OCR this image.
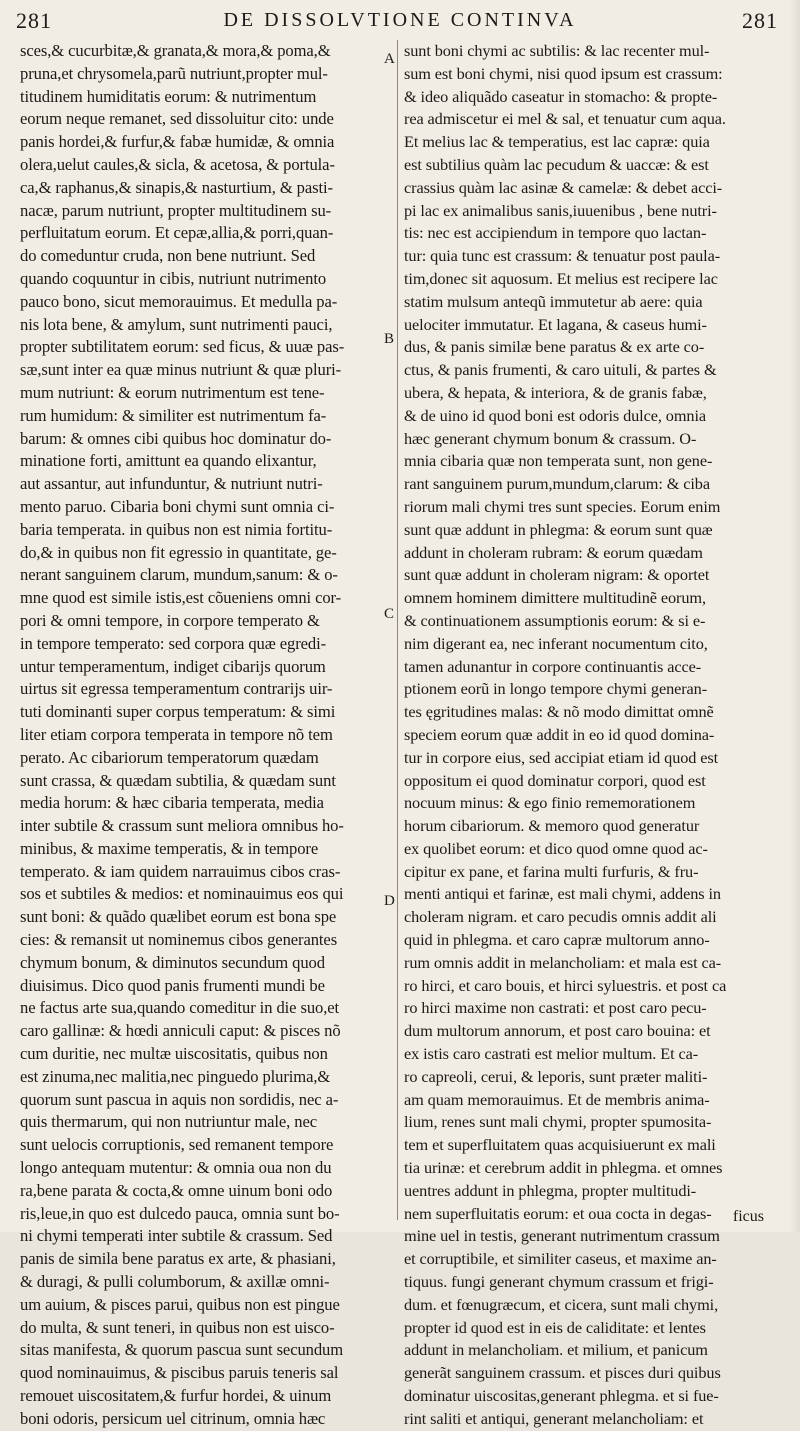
281	DE DISSOLVTIONE CONTINVA	281
sces,& cucurbitæ,& granata,& mora,& poma,&
pruna,et chrysomela,parũ nutriunt,propter mul-
titudinem humiditatis eorum: & nutrimentum
eorum neque remanet, sed dissoluitur cito: unde
panis hordei,& furfur,& fabæ humidæ, & omnia
olera,uelut caules,& sicla, & acetosa, & portula-
ca,& raphanus,& sinapis,& nasturtium, & pasti-
nacæ, parum nutriunt, propter multitudinem su-
perfluitatum eorum. Et cepæ,allia,& porri,quan-
do comeduntur cruda, non bene nutriunt. Sed
quando coquuntur in cibis, nutriunt nutrimento
pauco bono, sicut memorauimus. Et medulla pa-
nis lota bene, & amylum, sunt nutrimenti pauci,
propter subtilitatem eorum: sed ficus, & uuæ pas-
sæ,sunt inter ea quæ minus nutriunt & quæ pluri-
mum nutriunt: & eorum nutrimentum est tene-
rum humidum: & similiter est nutrimentum fa-
barum: & omnes cibi quibus hoc dominatur do-
minatione forti, amittunt ea quando elixantur,
aut assantur, aut infunduntur, & nutriunt nutri-
mento paruo. Cibaria boni chymi sunt omnia ci-
baria temperata. in quibus non est nimia fortitu-
do,& in quibus non fit egressio in quantitate, ge-
nerant sanguinem clarum, mundum,sanum: & o-
mne quod est simile istis,est cõueniens omni cor-
pori & omni tempore, in corpore temperato &
in tempore temperato: sed corpora quæ egredi-
untur temperamentum, indiget cibarijs quorum
uirtus sit egressa temperamentum contrarijs uir-
tuti dominanti super corpus temperatum: & simi
liter etiam corpora temperata in tempore nõ tem
perato. Ac cibariorum temperatorum quædam
sunt crassa, & quædam subtilia, & quædam sunt
media horum: & hæc cibaria temperata, media
inter subtile & crassum sunt meliora omnibus ho-
minibus, & maxime temperatis, & in tempore
temperato. & iam quidem narrauimus cibos cras-
sos et subtiles & medios: et nominauimus eos qui
sunt boni: & quãdo quælibet eorum est bona spe
cies: & remansit ut nominemus cibos generantes
chymum bonum, & diminutos secundum quod
diuisimus. Dico quod panis frumenti mundi be
ne factus arte sua,quando comeditur in die suo,et
caro gallinæ: & hœdi anniculi caput: & pisces nõ
cum duritie, nec multæ uiscositatis, quibus non
est zinuma,nec malitia,nec pinguedo plurima,&
quorum sunt pascua in aquis non sordidis, nec a-
quis thermarum, qui non nutriuntur male, nec
sunt uelocis corruptionis, sed remanent tempore
longo antequam mutentur: & omnia oua non du
ra,bene parata & cocta,& omne uinum boni odo
ris,leue,in quo est dulcedo pauca, omnia sunt bo-
ni chymi temperati inter subtile & crassum. Sed
panis de simila bene paratus ex arte, & phasiani,
& duragi, & pulli columborum, & axillæ omni-
um auium, & pisces parui, quibus non est pingue
do multa, & sunt teneri, in quibus non est uisco-
sitas manifesta, & quorum pascua sunt secundum
quod nominauimus, & piscibus paruis teneris sal
remouet uiscositatem,& furfur hordei, & uinum
boni odoris, persicum uel citrinum, omnia hæc
sunt boni chymi ac subtilis: & lac recenter mul-
sum est boni chymi, nisi quod ipsum est crassum:
& ideo aliquãdo caseatur in stomacho: & propte-
rea admiscetur ei mel & sal, et tenuatur cum aqua.
Et melius lac & temperatius, est lac capræ: quia
est subtilius quàm lac pecudum & uaccæ: & est
crassius quàm lac asinæ & camelæ: & debet acci-
pi lac ex animalibus sanis,iuuenibus , bene nutri-
tis: nec est accipiendum in tempore quo lactan-
tur: quia tunc est crassum: & tenuatur post paula-
tim,donec sit aquosum. Et melius est recipere lac
statim mulsum anteqũ immutetur ab aere: quia
uelociter immutatur. Et lagana, & caseus humi-
dus, & panis similæ bene paratus & ex arte co-
ctus, & panis frumenti, & caro uituli, & partes &
ubera, & hepata, & interiora, & de granis fabæ,
& de uino id quod boni est odoris dulce, omnia
hæc generant chymum bonum & crassum. O-
mnia cibaria quæ non temperata sunt, non gene-
rant sanguinem purum,mundum,clarum: & ciba
riorum mali chymi tres sunt species. Eorum enim
sunt quæ addunt in phlegma: & eorum sunt quæ
addunt in choleram rubram: & eorum quædam
sunt quæ addunt in choleram nigram: & oportet
omnem hominem dimittere multitudinẽ eorum,
& continuationem assumptionis eorum: & si e-
nim digerant ea, nec inferant nocumentum cito,
tamen adunantur in corpore continuantis acce-
ptionem eorũ in longo tempore chymi generan-
tes ęgritudines malas: & nõ modo dimittat omnẽ
speciem eorum quæ addit in eo id quod domina-
tur in corpore eius, sed accipiat etiam id quod est
oppositum ei quod dominatur corpori, quod est
nocuum minus: & ego finio rememorationem
horum cibariorum. & memoro quod generatur
ex quolibet eorum: et dico quod omne quod ac-
cipitur ex pane, et farina multi furfuris, & fru-
menti antiqui et farinæ, est mali chymi, addens in
choleram nigram. et caro pecudis omnis addit ali
quid in phlegma. et caro capræ multorum anno-
rum omnis addit in melancholiam: et mala est ca-
ro hirci, et caro bouis, et hirci syluestris. et post ca
ro hirci maxime non castrati: et post caro pecu-
dum multorum annorum, et post caro bouina: et
ex istis caro castrati est melior multum. Et ca-
ro capreoli, cerui, & leporis, sunt præter maliti-
am quam memorauimus. Et de membris anima-
lium, renes sunt mali chymi, propter spumosita-
tem et superfluitatem quas acquisiuerunt ex mali
tia urinæ: et cerebrum addit in phlegma. et omnes
uentres addunt in phlegma, propter multitudi-
nem superfluitatis eorum: et oua cocta in degas-
mine uel in testis, generant nutrimentum crassum
et corruptibile, et similiter caseus, et maxime an-
tiquus. fungi generant chymum crassum et frigi-
dum. et fœnugræcum, et cicera, sunt mali chymi,
propter id quod est in eis de caliditate: et lentes
addunt in melancholiam. et milium, et panicum
generãt sanguinem crassum. et pisces duri quibus
dominatur uiscositas,generant phlegma. et si fue-
rint saliti et antiqui, generant melancholiam: et
A
B
C
D
ficus
